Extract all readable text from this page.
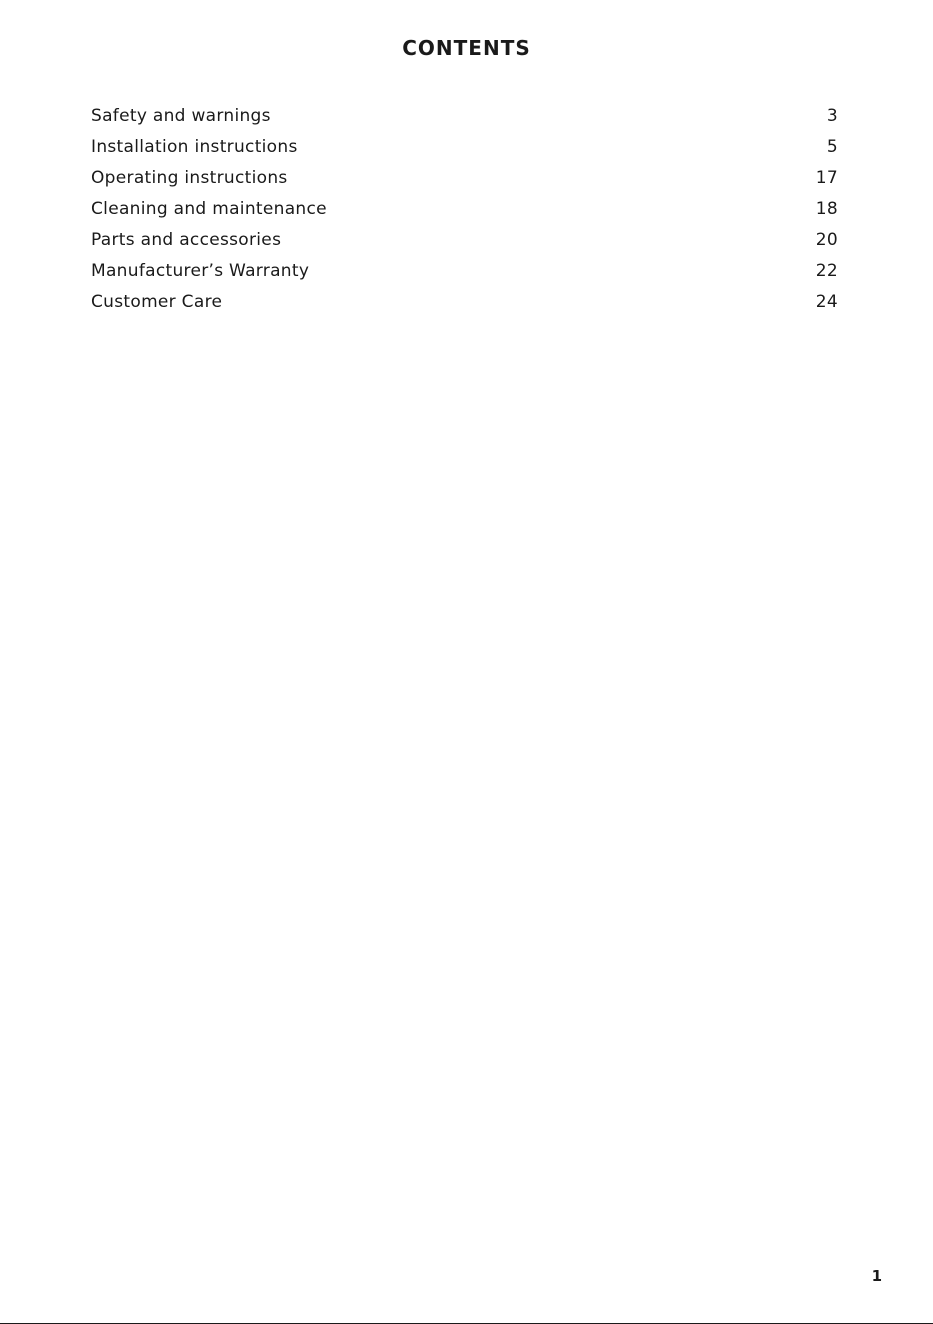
CONTENTS
Safety and warnings	3
Installation instructions	5
Operating instructions	17
Cleaning and maintenance	18
Parts and accessories	20
Manufacturer’s Warranty	22
Customer Care	24
1
